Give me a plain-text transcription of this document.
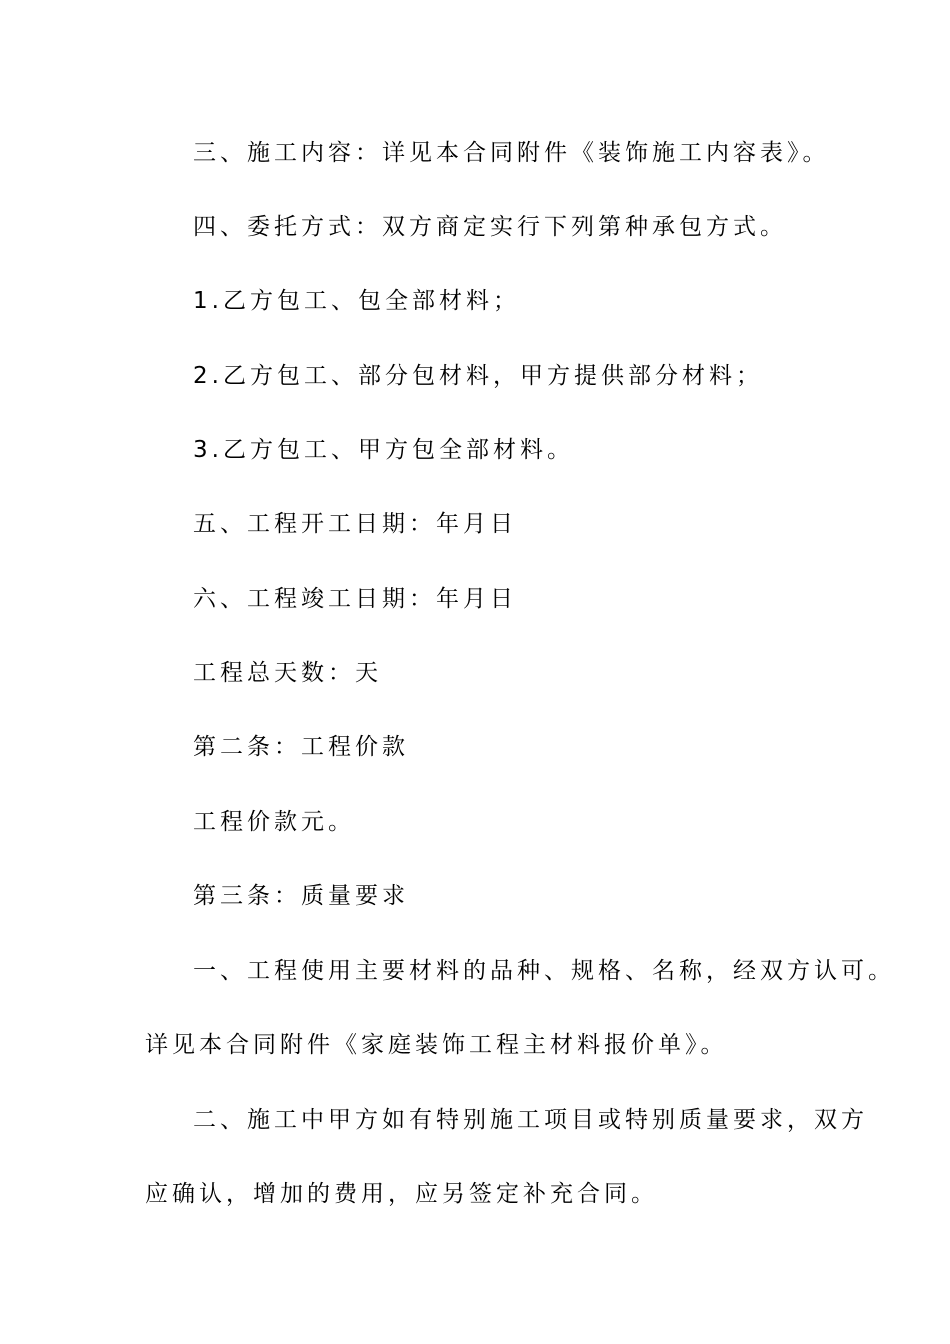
三、施工内容：详见本合同附件《装饰施工内容表》。
四、委托方式：双方商定实行下列第种承包方式。
1.乙方包工、包全部材料；
2.乙方包工、部分包材料，甲方提供部分材料；
3.乙方包工、甲方包全部材料。
五、工程开工日期：年月日
六、工程竣工日期：年月日
工程总天数：天
第二条：工程价款
工程价款元。
第三条：质量要求
一、工程使用主要材料的品种、规格、名称，经双方认可。
详见本合同附件《家庭装饰工程主材料报价单》。
二、施工中甲方如有特别施工项目或特别质量要求，双方
应确认，增加的费用，应另签定补充合同。
